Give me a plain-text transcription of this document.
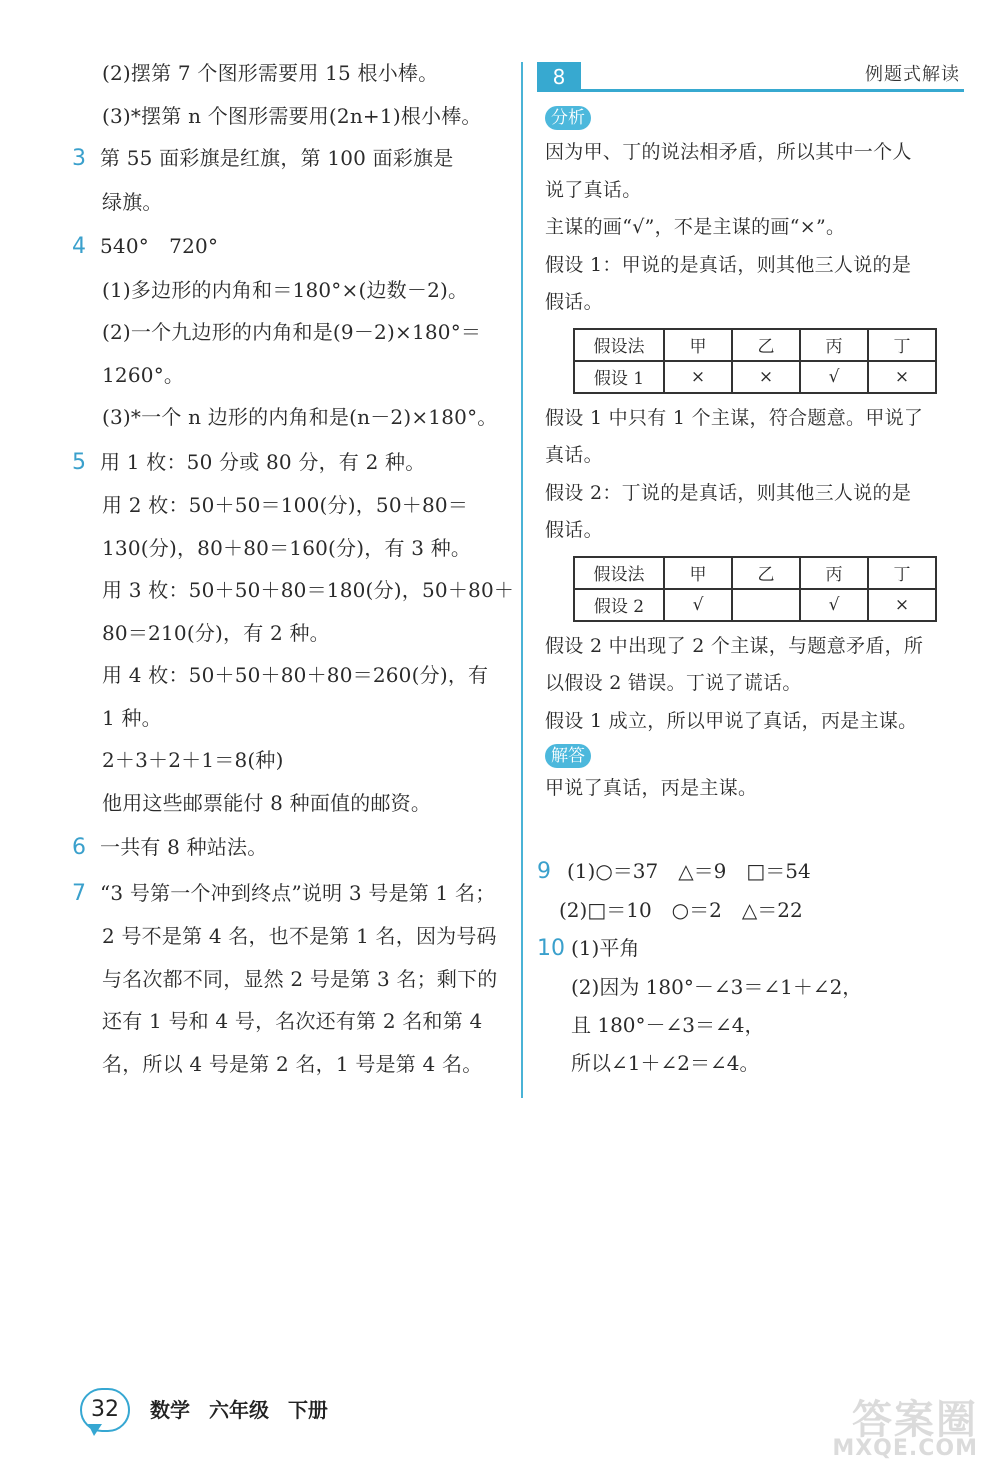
(2)摆第 7 个图形需要用 15 根小棒。
(3)*摆第 n 个图形需要用(2n+1)根小棒。
3 第 55 面彩旗是红旗，第 100 面彩旗是
绿旗。
4 540°　720°
(1)多边形的内角和＝180°×(边数－2)。
(2)一个九边形的内角和是(9－2)×180°＝
1260°。
(3)*一个 n 边形的内角和是(n－2)×180°。
5 用 1 枚：50 分或 80 分，有 2 种。
用 2 枚：50＋50＝100(分)，50＋80＝
130(分)，80＋80＝160(分)，有 3 种。
用 3 枚：50＋50＋80＝180(分)，50＋80＋
80＝210(分)，有 2 种。
用 4 枚：50＋50＋80＋80＝260(分)，有
1 种。
2＋3＋2＋1＝8(种)
他用这些邮票能付 8 种面值的邮资。
6 一共有 8 种站法。
7 “3 号第一个冲到终点”说明 3 号是第 1 名；
2 号不是第 4 名，也不是第 1 名，因为号码
与名次都不同，显然 2 号是第 3 名；剩下的
还有 1 号和 4 号，名次还有第 2 名和第 4
名，所以 4 号是第 2 名，1 号是第 4 名。
8	例题式解读
分析
因为甲、丁的说法相矛盾，所以其中一个人
说了真话。
主谋的画“√”，不是主谋的画“×”。
假设 1：甲说的是真话，则其他三人说的是
假话。
假设法	甲	乙	丙	丁
假设 1	×	×	√	×
假设 1 中只有 1 个主谋，符合题意。甲说了
真话。
假设 2：丁说的是真话，则其他三人说的是
假话。
假设法	甲	乙	丙	丁
假设 2	√		√	×
假设 2 中出现了 2 个主谋，与题意矛盾，所
以假设 2 错误。丁说了谎话。
假设 1 成立，所以甲说了真话，丙是主谋。
解答
甲说了真话，丙是主谋。
9 (1)○＝37　△＝9　□＝54
(2)□＝10　○＝2　△＝22
10 (1)平角
(2)因为 180°－∠3＝∠1＋∠2，
且 180°－∠3＝∠4，
所以∠1＋∠2＝∠4。
32	数学 六年级 下册	答案圈
MXQE.COM
